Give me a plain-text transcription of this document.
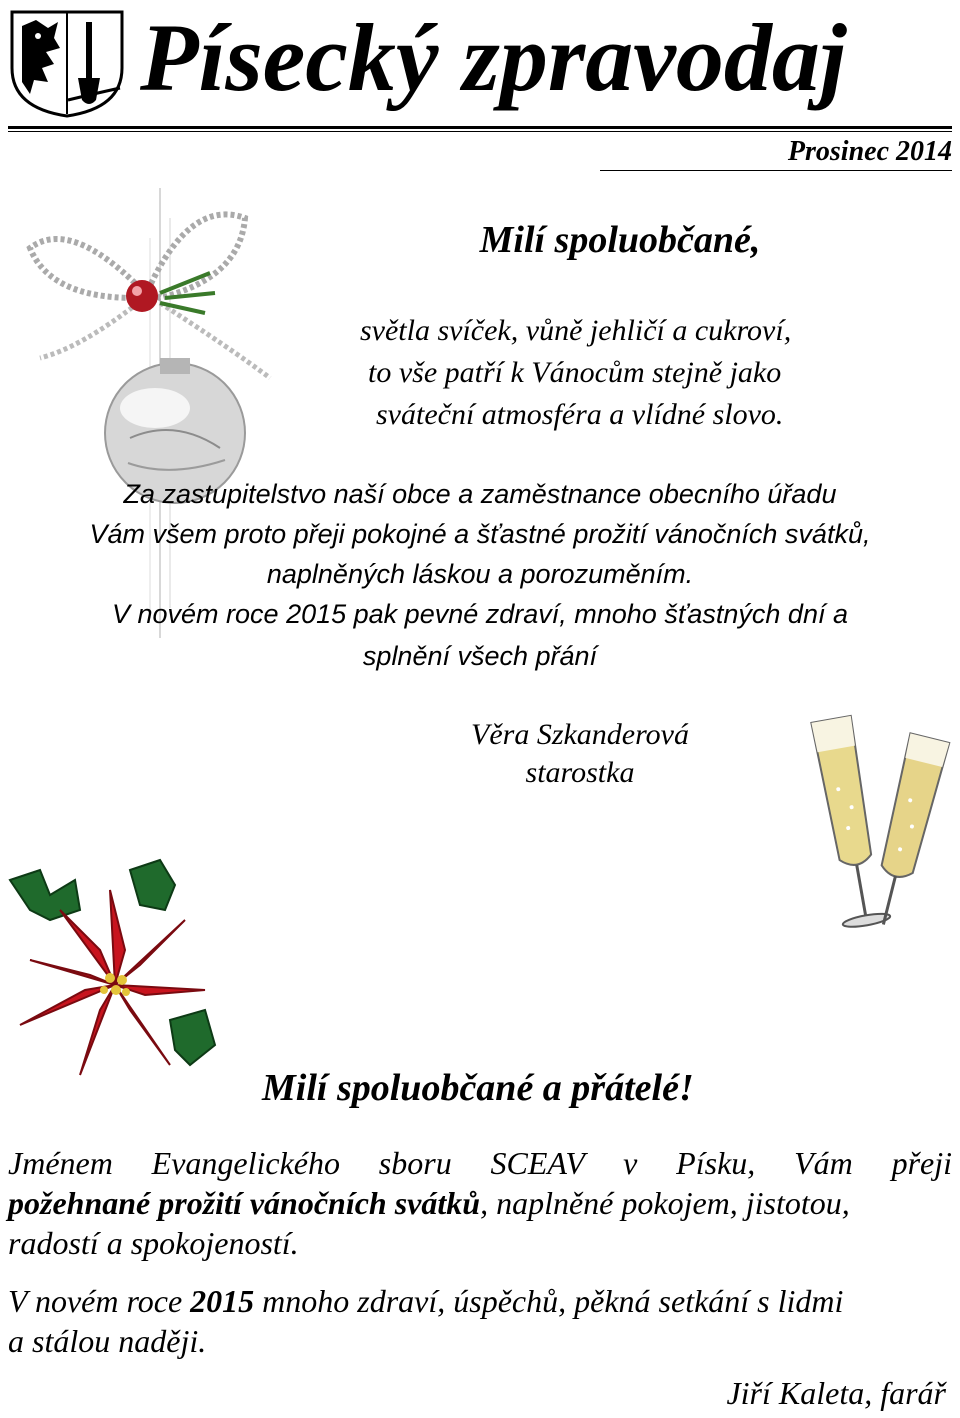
Písecký zpravodaj
Prosinec 2014
Milí spoluobčané,
světla svíček, vůně jehličí a cukroví,
to vše patří k Vánocům stejně jako
sváteční atmosféra a vlídné slovo.
Za zastupitelstvo naší obce a zaměstnance obecního úřadu
Vám všem proto přeji pokojné a šťastné prožití vánočních svátků,
naplněných láskou a porozuměním.
V novém roce 2015 pak pevné zdraví, mnoho šťastných dní a
splnění všech přání
Věra Szkanderová
starostka
Milí spoluobčané a přátelé!
Jménem Evangelického sboru SCEAV v Písku, Vám přeji
požehnané prožití vánočních svátků, naplněné pokojem, jistotou,
radostí a spokojeností.
V novém roce 2015 mnoho zdraví, úspěchů, pěkná setkání s lidmi
a stálou naději.
Jiří Kaleta, farář
